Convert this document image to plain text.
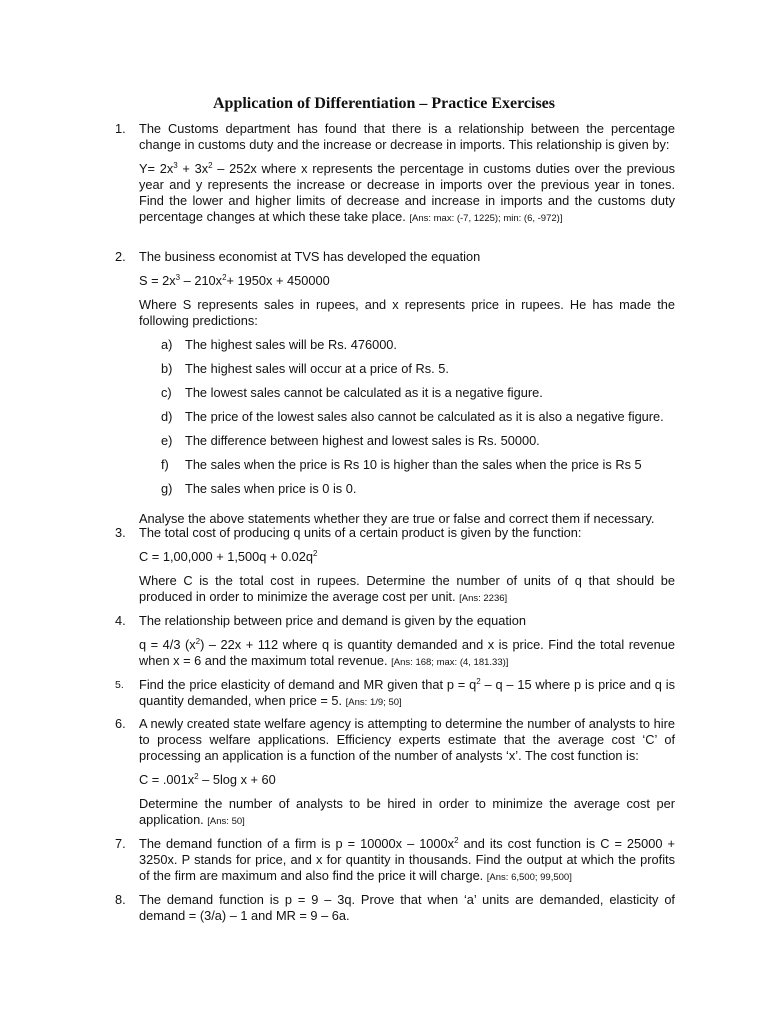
Application of Differentiation – Practice Exercises
1.	The Customs department has found that there is a relationship between the percentage change in customs duty and the increase or decrease in imports. This relationship is given by:

$Y= 2x^3 + 3x^2 - 252x$ where x represents the percentage in customs duties over the previous year and y represents the increase or decrease in imports over the previous year in tones. Find the lower and higher limits of decrease and increase in imports and the customs duty percentage changes at which these take place. [Ans: max: (-7, 1225); min: (6, -972)]

2.	The business economist at TVS has developed the equation

$S = 2x^3 - 210x^2+ 1950x + 450000$

Where S represents sales in rupees, and x represents price in rupees. He has made the following predictions:

a) The highest sales will be Rs. 476000.
b) The highest sales will occur at a price of Rs. 5.
c) The lowest sales cannot be calculated as it is a negative figure.
d) The price of the lowest sales also cannot be calculated as it is also a negative figure.
e) The difference between highest and lowest sales is Rs. 50000.
f) The sales when the price is Rs 10 is higher than the sales when the price is Rs 5
g) The sales when price is 0 is 0.

Analyse the above statements whether they are true or false and correct them if necessary.

3.	The total cost of producing q units of a certain product is given by the function:

$C = 1,00,000 + 1,500q + 0.02q^2$

Where C is the total cost in rupees. Determine the number of units of q that should be produced in order to minimize the average cost per unit. [Ans: 2236]

4.	The relationship between price and demand is given by the equation

q = 4/3 $(x^2) - 22x + 112$ where q is quantity demanded and x is price. Find the total revenue when x = 6 and the maximum total revenue. [Ans: 168; max: (4, 181.33)]

5.	Find the price elasticity of demand and MR given that $p = q^2 - q - 15$ where p is price and q is quantity demanded, when price = 5. [Ans: 1/9; 50]

6.	A newly created state welfare agency is attempting to determine the number of analysts to hire to process welfare applications. Efficiency experts estimate that the average cost ‘C’ of processing an application is a function of the number of analysts ‘x’. The cost function is:

$C = .001x^2 - 5\log$ x + 60

Determine the number of analysts to be hired in order to minimize the average cost per application. [Ans: 50]

7.	The demand function of a firm is $p = 10000x - 1000x^2$ and its cost function is C = 25000 + 3250x. P stands for price, and x for quantity in thousands. Find the output at which the profits of the firm are maximum and also find the price it will charge. [Ans: 6,500; 99,500]

8.	The demand function is p = 9 – 3q. Prove that when ‘a’ units are demanded, elasticity of demand = (3/a) – 1 and MR = 9 – 6a.
